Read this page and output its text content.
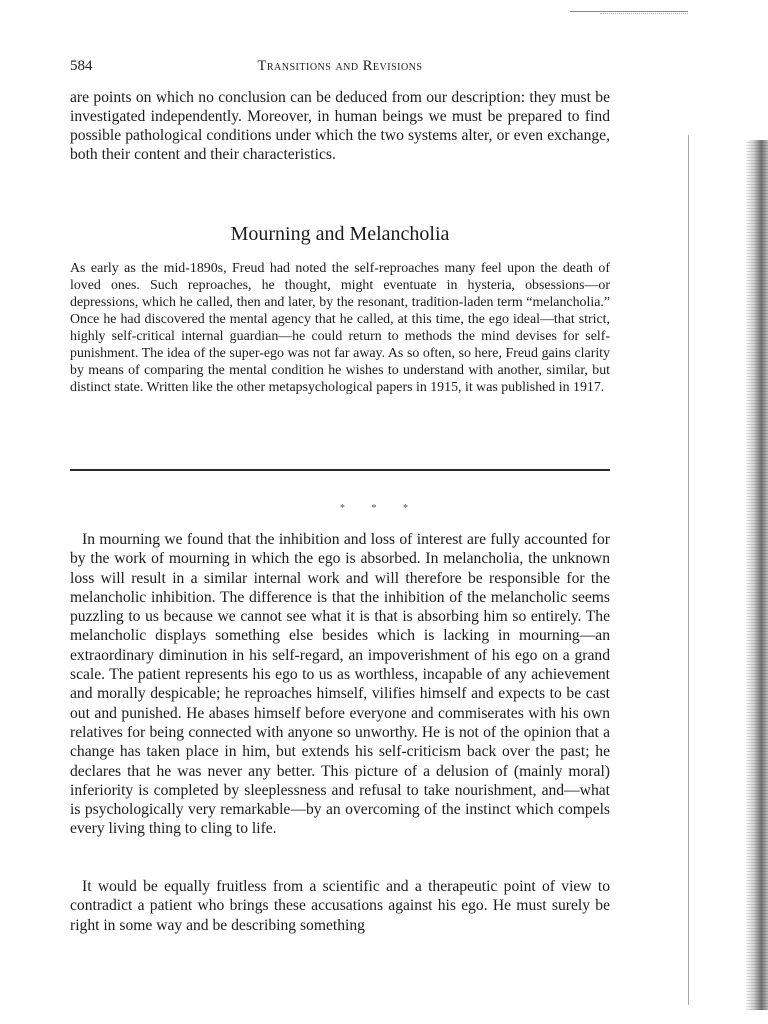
584	Transitions and Revisions

are points on which no conclusion can be deduced from our description: they must be investigated independently. Moreover, in human beings we must be prepared to find possible pathological conditions under which the two systems alter, or even exchange, both their content and their characteristics.

Mourning and Melancholia

As early as the mid-1890s, Freud had noted the self-reproaches many feel upon the death of loved ones. Such reproaches, he thought, might eventuate in hysteria, obsessions—or depressions, which he called, then and later, by the resonant, tradition-laden term “melancholia.” Once he had discovered the mental agency that he called, at this time, the ego ideal—that strict, highly self-critical internal guardian—he could return to methods the mind devises for self-punishment. The idea of the super-ego was not far away. As so often, so here, Freud gains clarity by means of comparing the mental condition he wishes to understand with another, similar, but distinct state. Written like the other metapsychological papers in 1915, it was published in 1917.

* * *

In mourning we found that the inhibition and loss of interest are fully accounted for by the work of mourning in which the ego is absorbed. In melancholia, the unknown loss will result in a similar internal work and will therefore be responsible for the melancholic inhibition. The difference is that the inhibition of the melancholic seems puzzling to us because we cannot see what it is that is absorbing him so entirely. The melancholic displays something else besides which is lacking in mourning—an extraordinary diminution in his self-regard, an impoverishment of his ego on a grand scale. The patient represents his ego to us as worthless, incapable of any achievement and morally despicable; he reproaches himself, vilifies himself and expects to be cast out and punished. He abases himself before everyone and commiserates with his own relatives for being connected with anyone so unworthy. He is not of the opinion that a change has taken place in him, but extends his self-criticism back over the past; he declares that he was never any better. This picture of a delusion of (mainly moral) inferiority is completed by sleeplessness and refusal to take nourishment, and—what is psychologically very remarkable—by an overcoming of the instinct which compels every living thing to cling to life.

It would be equally fruitless from a scientific and a therapeutic point of view to contradict a patient who brings these accusations against his ego. He must surely be right in some way and be describing something
